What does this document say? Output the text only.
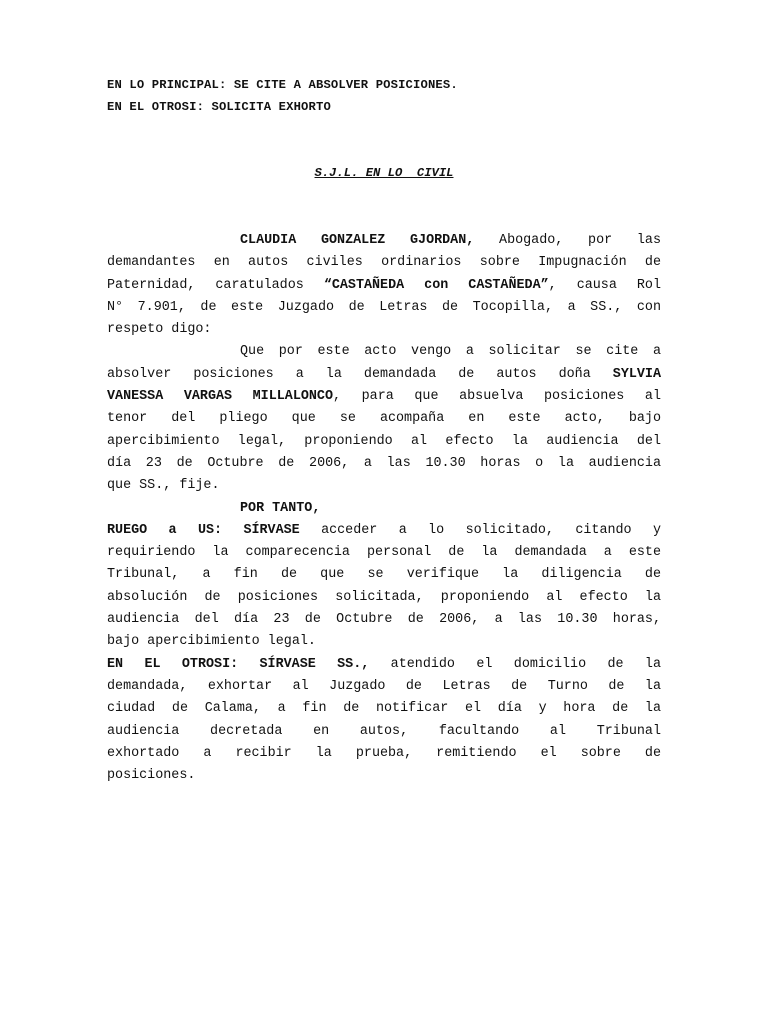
EN LO PRINCIPAL: SE CITE A ABSOLVER POSICIONES.
EN EL OTROSI: SOLICITA EXHORTO
S.J.L. EN LO  CIVIL
CLAUDIA GONZALEZ GJORDAN, Abogado, por las
demandantes en autos civiles ordinarios sobre Impugnación de
Paternidad, caratulados “CASTAÑEDA con CASTAÑEDA”, causa Rol
N° 7.901, de este Juzgado de Letras de Tocopilla, a SS., con
respeto digo:
Que por este acto vengo a solicitar se cite a
absolver posiciones a la demandada de autos doña SYLVIA
VANESSA VARGAS MILLALONCO, para que absuelva posiciones al
tenor del pliego que se acompaña en este acto, bajo
apercibimiento legal, proponiendo al efecto la audiencia del
día 23 de Octubre de 2006, a las 10.30 horas o la audiencia
que SS., fije.
POR TANTO,
RUEGO a US: SÍRVASE acceder a lo solicitado, citando y
requiriendo la comparecencia personal de la demandada a este
Tribunal, a fin de que se verifique la diligencia de
absolución de posiciones solicitada, proponiendo al efecto la
audiencia del día 23 de Octubre de 2006, a las 10.30 horas,
bajo apercibimiento legal.
EN EL OTROSI: SÍRVASE SS., atendido el domicilio de la
demandada, exhortar al Juzgado de Letras de Turno de la
ciudad de Calama, a fin de notificar el día y hora de la
audiencia decretada en autos, facultando al Tribunal
exhortado a recibir la prueba, remitiendo el sobre de
posiciones.
